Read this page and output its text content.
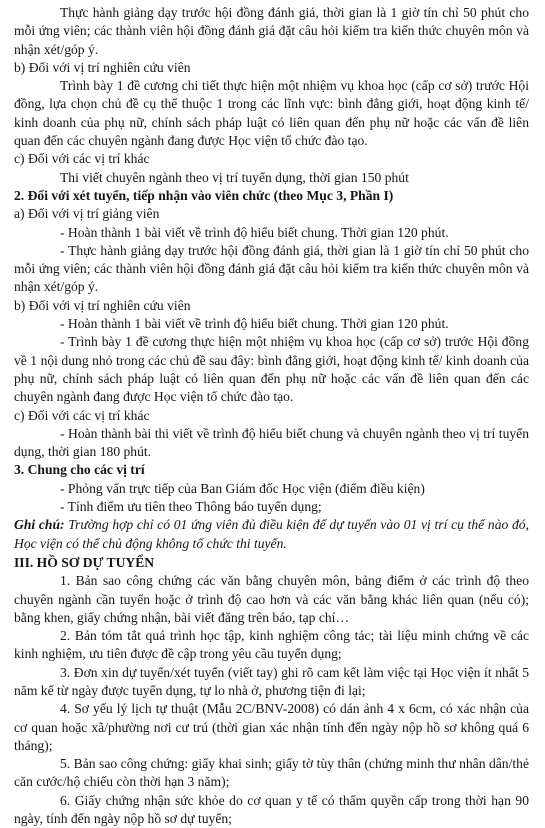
Thực hành giảng dạy trước hội đồng đánh giá, thời gian là 1 giờ tín chỉ 50 phút cho mỗi ứng viên; các thành viên hội đồng đánh giá đặt câu hỏi kiểm tra kiến thức chuyên môn và nhận xét/góp ý.

b) Đối với vị trí nghiên cứu viên

Trình bày 1 đề cương chi tiết thực hiện một nhiệm vụ khoa học (cấp cơ sở) trước Hội đồng, lựa chọn chủ đề cụ thể thuộc 1 trong các lĩnh vực: bình đẳng giới, hoạt động kinh tế/ kinh doanh của phụ nữ, chính sách pháp luật có liên quan đến phụ nữ hoặc các vấn đề liên quan đến các chuyên ngành đang được Học viện tổ chức đào tạo.

c) Đối với các vị trí khác

Thi viết chuyên ngành theo vị trí tuyển dụng, thời gian 150 phút

2. Đối với xét tuyển, tiếp nhận vào viên chức (theo Mục 3, Phần I)

a) Đối với vị trí giảng viên

- Hoàn thành 1 bài viết về trình độ hiểu biết chung. Thời gian 120 phút.

- Thực hành giảng dạy trước hội đồng đánh giá, thời gian là 1 giờ tín chỉ 50 phút cho mỗi ứng viên; các thành viên hội đồng đánh giá đặt câu hỏi kiểm tra kiến thức chuyên môn và nhận xét/góp ý.

b) Đối với vị trí nghiên cứu viên

- Hoàn thành 1 bài viết về trình độ hiểu biết chung. Thời gian 120 phút.

- Trình bày 1 đề cương thực hiện một nhiệm vụ khoa học (cấp cơ sở) trước Hội đồng về 1 nội dung nhỏ trong các chủ đề sau đây: bình đẳng giới, hoạt động kinh tế/ kinh doanh của phụ nữ, chính sách pháp luật có liên quan đến phụ nữ hoặc các vấn đề liên quan đến các chuyên ngành đang được Học viện tổ chức đào tạo.

c) Đối với các vị trí khác

- Hoàn thành bài thi viết về trình độ hiểu biết chung và chuyên ngành theo vị trí tuyển dụng, thời gian 180 phút.

3. Chung cho các vị trí

- Phỏng vấn trực tiếp của Ban Giám đốc Học viện (điểm điều kiện)

- Tính điểm ưu tiên theo Thông báo tuyển dụng;

Ghi chú: Trường hợp chỉ có 01 ứng viên đủ điều kiện để dự tuyển vào 01 vị trí cụ thể nào đó, Học viện có thể chủ động không tổ chức thi tuyển.

III. HỒ SƠ DỰ TUYỂN

1. Bản sao công chứng các văn bằng chuyên môn, bảng điểm ở các trình độ theo chuyên ngành cần tuyển hoặc ở trình độ cao hơn và các văn bằng khác liên quan (nếu có); bằng khen, giấy chứng nhận, bài viết đăng trên báo, tạp chí…

2. Bản tóm tắt quá trình học tập, kinh nghiệm công tác; tài liệu minh chứng về các kinh nghiệm, ưu tiên được đề cập trong yêu cầu tuyển dụng;

3. Đơn xin dự tuyển/xét tuyển (viết tay) ghi rõ cam kết làm việc tại Học viện ít nhất 5 năm kể từ ngày được tuyển dụng, tự lo nhà ở, phương tiện đi lại;

4. Sơ yếu lý lịch tự thuật (Mẫu 2C/BNV-2008) có dán ảnh 4 x 6cm, có xác nhận của cơ quan hoặc xã/phường nơi cư trú (thời gian xác nhận tính đến ngày nộp hồ sơ không quá 6 tháng);

5. Bản sao công chứng: giấy khai sinh; giấy tờ tùy thân (chứng minh thư nhân dân/thẻ căn cước/hộ chiếu còn thời hạn 3 năm);

6. Giấy chứng nhận sức khỏe do cơ quan y tế có thẩm quyền cấp trong thời hạn 90 ngày, tính đến ngày nộp hồ sơ dự tuyển;
